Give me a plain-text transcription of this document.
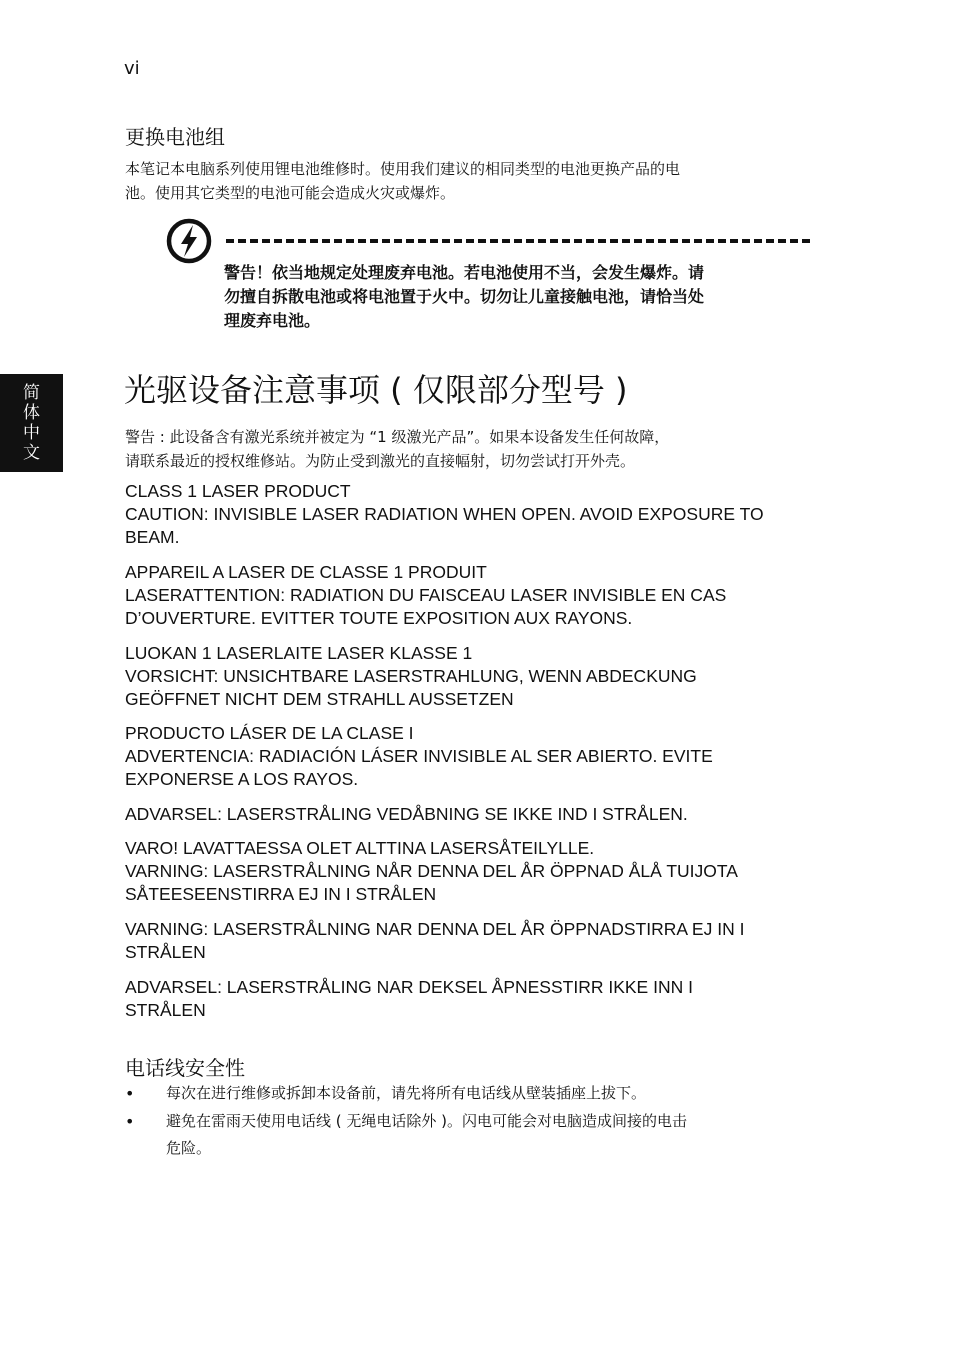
vi
简
体
中
文
更换电池组
本笔记本电脑系列使用锂电池维修时。使用我们建议的相同类型的电池更换产品的电
池。使用其它类型的电池可能会造成火灾或爆炸。
警告！依当地规定处理废弃电池。若电池使用不当，会发生爆炸。请
勿擅自拆散电池或将电池置于火中。切勿让儿童接触电池，请恰当处
理废弃电池。
光驱设备注意事项 ( 仅限部分型号 )
警告 : 此设备含有激光系统并被定为 “1 级激光产品”。如果本设备发生任何故障，
请联系最近的授权维修站。为防止受到激光的直接幅射，切勿尝试打开外壳。
CLASS 1 LASER PRODUCT
CAUTION: INVISIBLE LASER RADIATION WHEN OPEN. AVOID EXPOSURE TO
BEAM.
APPAREIL A LASER DE CLASSE 1 PRODUIT
LASERATTENTION: RADIATION DU FAISCEAU LASER INVISIBLE EN CAS
D’OUVERTURE. EVITTER TOUTE EXPOSITION AUX RAYONS.
LUOKAN 1 LASERLAITE LASER KLASSE 1
VORSICHT: UNSICHTBARE LASERSTRAHLUNG, WENN ABDECKUNG
GEÖFFNET NICHT DEM STRAHLL AUSSETZEN
PRODUCTO LÁSER DE LA CLASE I
ADVERTENCIA: RADIACIÓN LÁSER INVISIBLE AL SER ABIERTO. EVITE
EXPONERSE A LOS RAYOS.
ADVARSEL: LASERSTRÅLING VEDÅBNING SE IKKE IND I STRÅLEN.
VARO! LAVATTAESSA OLET ALTTINA LASERSÅTEILYLLE.
VARNING: LASERSTRÅLNING NÅR DENNA DEL ÅR ÖPPNAD ÅLÅ TUIJOTA
SÅTEESEENSTIRRA EJ IN I STRÅLEN
VARNING: LASERSTRÅLNING NAR DENNA DEL ÅR ÖPPNADSTIRRA EJ IN I
STRÅLEN
ADVARSEL: LASERSTRÅLING NAR DEKSEL ÅPNESSTIRR IKKE INN I
STRÅLEN
电话线安全性
• 每次在进行维修或拆卸本设备前，请先将所有电话线从壁装插座上拔下。
• 避免在雷雨天使用电话线 ( 无绳电话除外 )。闪电可能会对电脑造成间接的电击
危险。
